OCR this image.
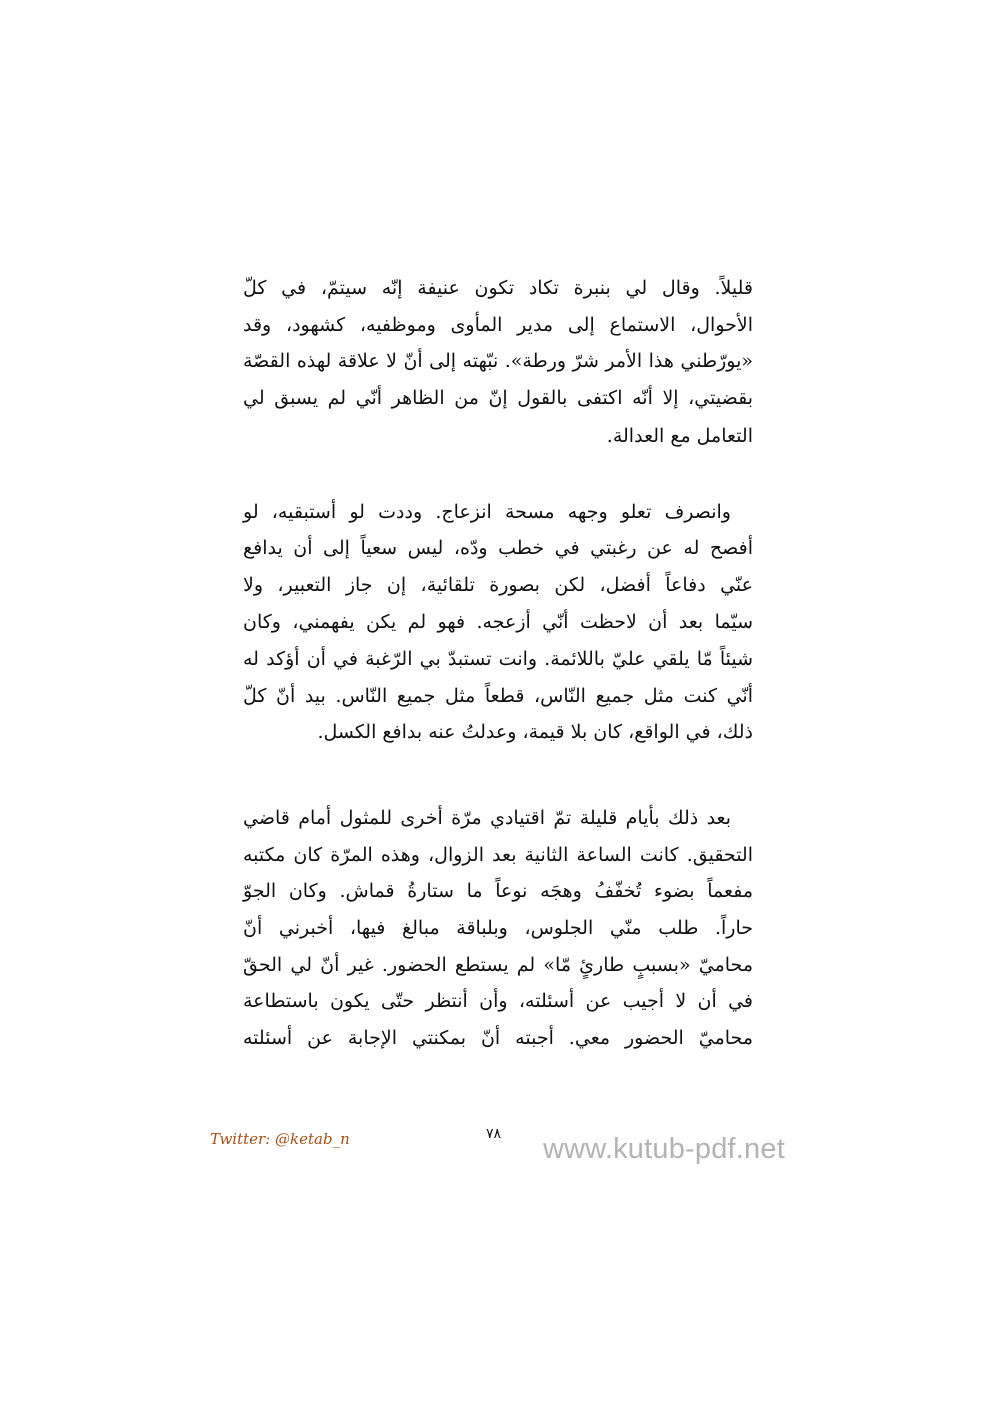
قليلاً. وقال لي بنبرة تكاد تكون عنيفة إنّه سيتمّ، في كلّ
الأحوال، الاستماع إلى مدير المأوى وموظفيه، كشهود، وقد
«يورّطني هذا الأمر شرّ ورطة». نبّهته إلى أنّ لا علاقة لهذه القصّة
بقضيتي، إلا أنّه اكتفى بالقول إنّ من الظاهر أنّي لم يسبق لي
التعامل مع العدالة.
وانصرف تعلو وجهه مسحة انزعاج. وددت لو أستبقيه، لو
أفصح له عن رغبتي في خطب ودّه، ليس سعياً إلى أن يدافع
عنّي دفاعاً أفضل، لكن بصورة تلقائية، إن جاز التعبير، ولا
سيّما بعد أن لاحظت أنّي أزعجه. فهو لم يكن يفهمني، وكان
شيئاً مّا يلقي عليّ باللائمة. وانت تستبدّ بي الرّغبة في أن أؤكد له
أنّي كنت مثل جميع النّاس، قطعاً مثل جميع النّاس. بيد أنّ كلّ
ذلك، في الواقع، كان بلا قيمة، وعدلتُ عنه بدافع الكسل.
بعد ذلك بأيام قليلة تمّ اقتيادي مرّة أخرى للمثول أمام قاضي
التحقيق. كانت الساعة الثانية بعد الزوال، وهذه المرّة كان مكتبه
مفعماً بضوء تُخفّفُ وهجَه نوعاً ما ستارةُ قماش. وكان الجوّ
حاراً. طلب منّي الجلوس، وبلباقة مبالغ فيها، أخبرني أنّ
محاميّ «بسببٍ طارئٍ مّا» لم يستطع الحضور. غير أنّ لي الحقّ
في أن لا أجيب عن أسئلته، وأن أنتظر حتّى يكون باستطاعة
محاميّ الحضور معي. أجبته أنّ بمكنتي الإجابة عن أسئلته
Twitter: @ketab_n	٧٨ www.kutub-pdf.net
